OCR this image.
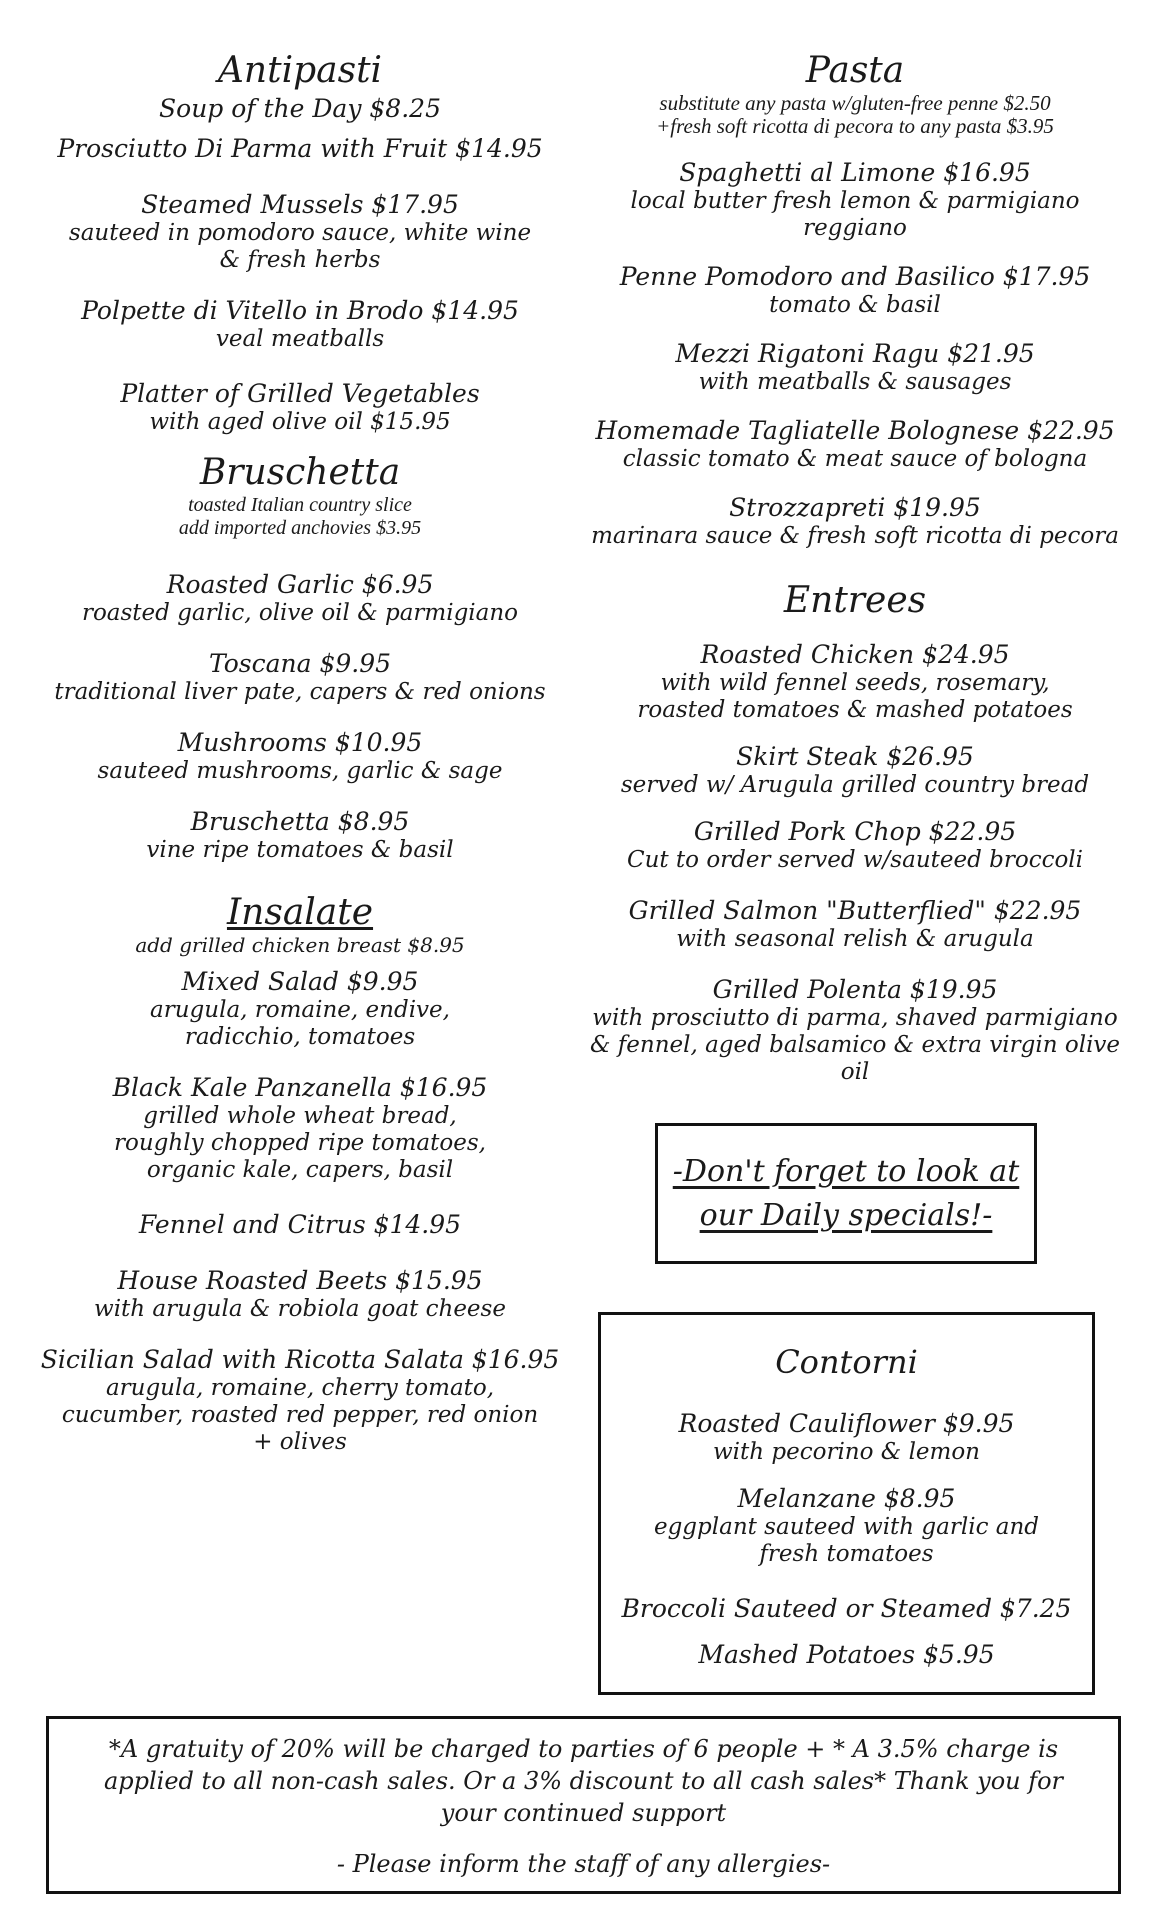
Antipasti
Soup of the Day $8.25
Prosciutto Di Parma with Fruit $14.95
Steamed Mussels $17.95
sauteed in pomodoro sauce, white wine & fresh herbs
Polpette di Vitello in Brodo $14.95
veal meatballs
Platter of Grilled Vegetables
with aged olive oil $15.95
Bruschetta
toasted Italian country slice
add imported anchovies $3.95
Roasted Garlic $6.95
roasted garlic, olive oil & parmigiano
Toscana $9.95
traditional liver pate, capers & red onions
Mushrooms $10.95
sauteed mushrooms, garlic & sage
Bruschetta $8.95
vine ripe tomatoes & basil
Insalate
add grilled chicken breast $8.95
Mixed Salad $9.95
arugula, romaine, endive, radicchio, tomatoes
Black Kale Panzanella $16.95
grilled whole wheat bread, roughly chopped ripe tomatoes, organic kale, capers, basil
Fennel and Citrus $14.95
House Roasted Beets $15.95
with arugula & robiola goat cheese
Sicilian Salad with Ricotta Salata $16.95
arugula, romaine, cherry tomato, cucumber, roasted red pepper, red onion + olives
Pasta
substitute any pasta w/gluten-free penne $2.50
+fresh soft ricotta di pecora to any pasta $3.95
Spaghetti al Limone $16.95
local butter fresh lemon & parmigiano reggiano
Penne Pomodoro and Basilico $17.95
tomato & basil
Mezzi Rigatoni Ragu $21.95
with meatballs & sausages
Homemade Tagliatelle Bolognese $22.95
classic tomato & meat sauce of bologna
Strozzapreti $19.95
marinara sauce & fresh soft ricotta di pecora
Entrees
Roasted Chicken $24.95
with wild fennel seeds, rosemary, roasted tomatoes & mashed potatoes
Skirt Steak $26.95
served w/ Arugula grilled country bread
Grilled Pork Chop $22.95
Cut to order served w/sauteed broccoli
Grilled Salmon "Butterflied" $22.95
with seasonal relish & arugula
Grilled Polenta $19.95
with prosciutto di parma, shaved parmigiano & fennel, aged balsamico & extra virgin olive oil
-Don't forget to look at
our Daily specials!-
Contorni
Roasted Cauliflower $9.95
with pecorino & lemon
Melanzane $8.95
eggplant sauteed with garlic and fresh tomatoes
Broccoli Sauteed or Steamed $7.25
Mashed Potatoes $5.95
*A gratuity of 20% will be charged to parties of 6 people + * A 3.5% charge is applied to all non-cash sales. Or a 3% discount to all cash sales* Thank you for your continued support
- Please inform the staff of any allergies-
